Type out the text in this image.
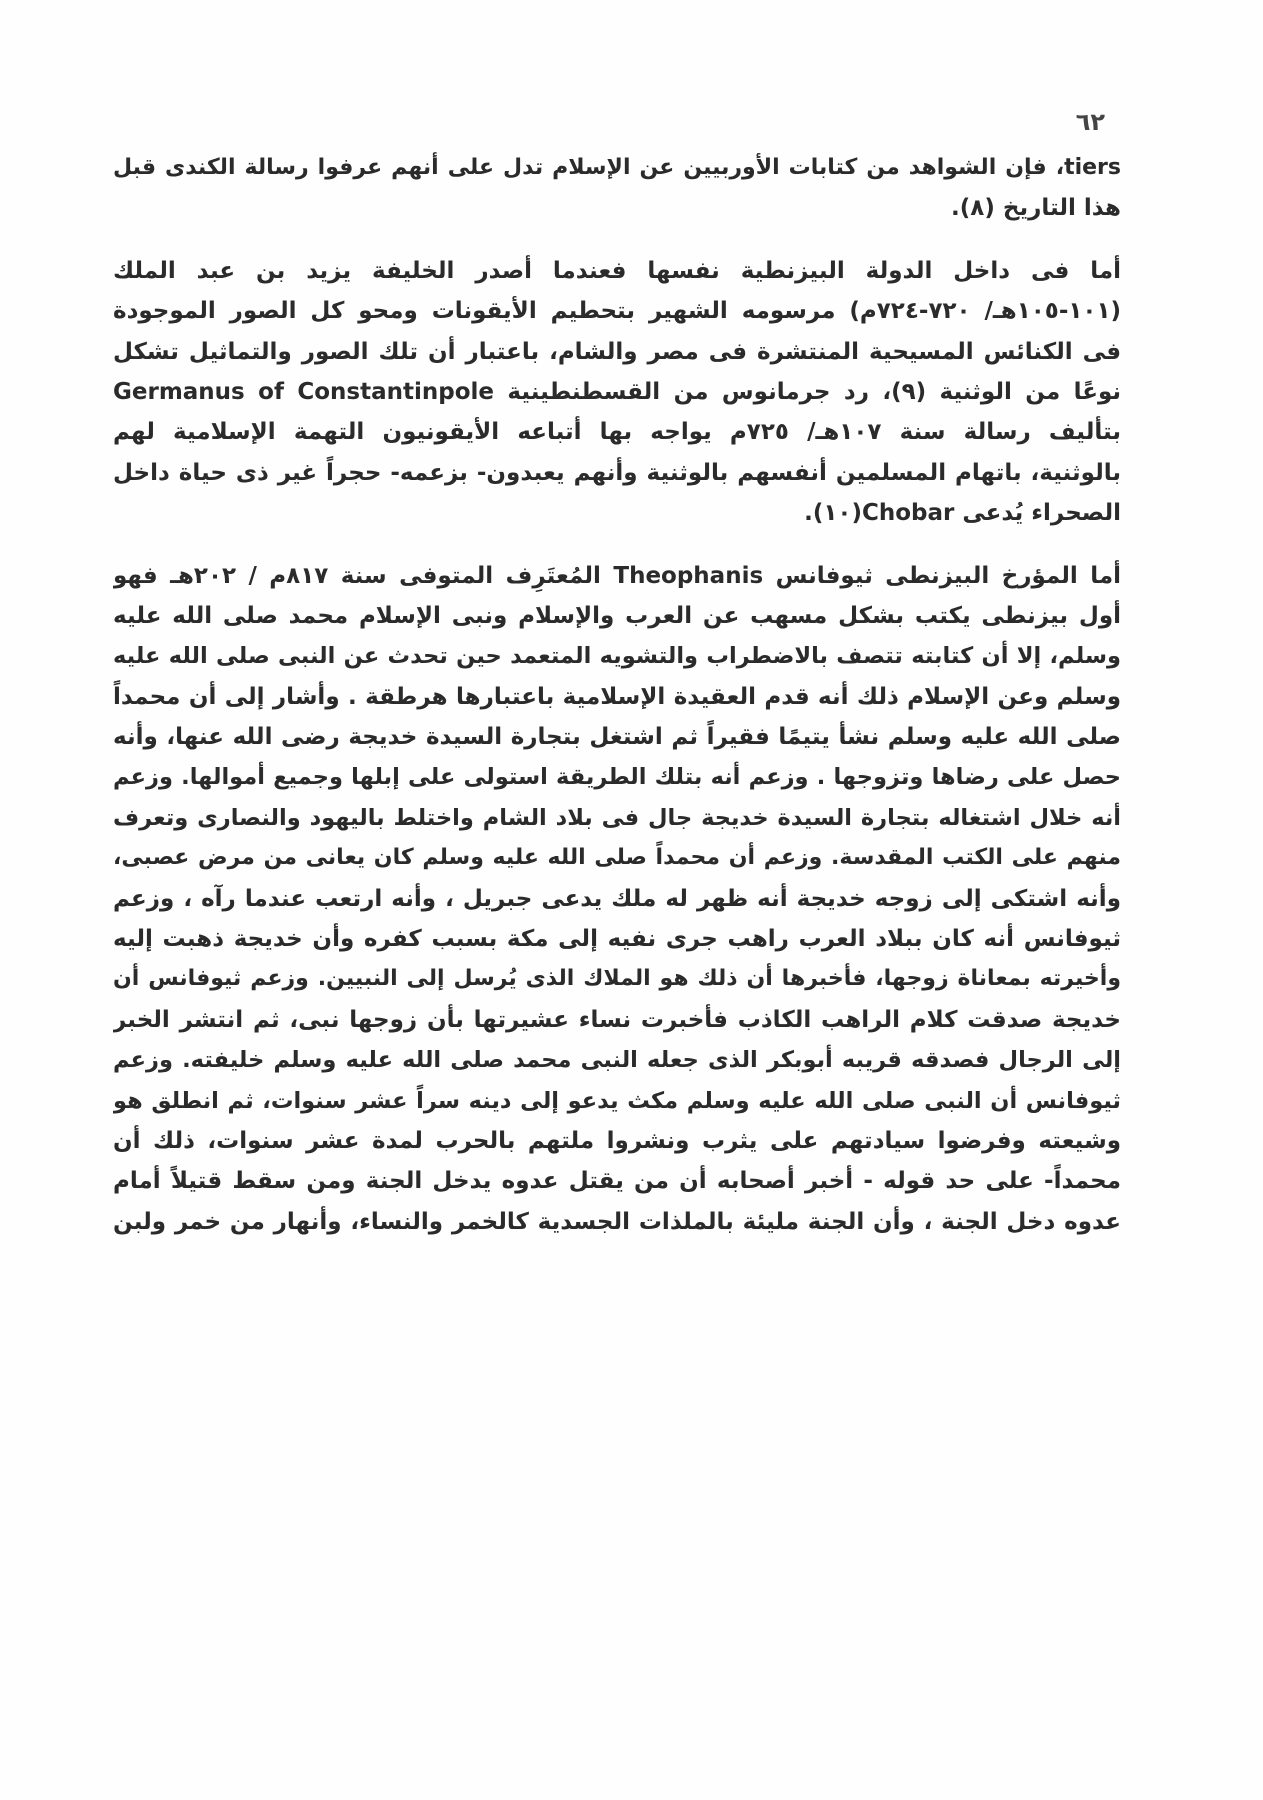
٦٢
tiers، فإن الشواهد من كتابات الأوربيين عن الإسلام تدل على أنهم عرفوا رسالة الكندى قبل
هذا التاريخ (٨).
أما فى داخل الدولة البيزنطية نفسها فعندما أصدر الخليفة يزيد بن عبد الملك
(١٠١-١٠٥هـ/ ٧٢٠-٧٢٤م) مرسومه الشهير بتحطيم الأيقونات ومحو كل الصور الموجودة
فى الكنائس المسيحية المنتشرة فى مصر والشام، باعتبار أن تلك الصور والتماثيل تشكل
نوعًا من الوثنية (٩)، رد جرمانوس من القسطنطينية Germanus of Constantinpole
بتأليف رسالة سنة ١٠٧هـ/ ٧٢٥م يواجه بها أتباعه الأيقونيون التهمة الإسلامية لهم
بالوثنية، باتهام المسلمين أنفسهم بالوثنية وأنهم يعبدون- بزعمه- حجراً غير ذى حياة داخل
الصحراء يُدعى Chobar(١٠).
أما المؤرخ البيزنطى ثيوفانس Theophanis المُعتَرِف المتوفى سنة ٨١٧م / ٢٠٢هـ فهو
أول بيزنطى يكتب بشكل مسهب عن العرب والإسلام ونبى الإسلام محمد صلى الله عليه
وسلم، إلا أن كتابته تتصف بالاضطراب والتشويه المتعمد حين تحدث عن النبى صلى الله عليه
وسلم وعن الإسلام ذلك أنه قدم العقيدة الإسلامية باعتبارها هرطقة . وأشار إلى أن محمداً
صلى الله عليه وسلم نشأ يتيمًا فقيراً ثم اشتغل بتجارة السيدة خديجة رضى الله عنها، وأنه
حصل على رضاها وتزوجها . وزعم أنه بتلك الطريقة استولى على إبلها وجميع أموالها. وزعم
أنه خلال اشتغاله بتجارة السيدة خديجة جال فى بلاد الشام واختلط باليهود والنصارى وتعرف
منهم على الكتب المقدسة. وزعم أن محمداً صلى الله عليه وسلم كان يعانى من مرض عصبى،
وأنه اشتكى إلى زوجه خديجة أنه ظهر له ملك يدعى جبريل ، وأنه ارتعب عندما رآه ، وزعم
ثيوفانس أنه كان ببلاد العرب راهب جرى نفيه إلى مكة بسبب كفره وأن خديجة ذهبت إليه
وأخيرته بمعاناة زوجها، فأخبرها أن ذلك هو الملاك الذى يُرسل إلى النبيين. وزعم ثيوفانس أن
خديجة صدقت كلام الراهب الكاذب فأخبرت نساء عشيرتها بأن زوجها نبى، ثم انتشر الخبر
إلى الرجال فصدقه قريبه أبوبكر الذى جعله النبى محمد صلى الله عليه وسلم خليفته. وزعم
ثيوفانس أن النبى صلى الله عليه وسلم مكث يدعو إلى دينه سراً عشر سنوات، ثم انطلق هو
وشيعته وفرضوا سيادتهم على يثرب ونشروا ملتهم بالحرب لمدة عشر سنوات، ذلك أن
محمداً- على حد قوله - أخبر أصحابه أن من يقتل عدوه يدخل الجنة ومن سقط قتيلاً أمام
عدوه دخل الجنة ، وأن الجنة مليئة بالملذات الجسدية كالخمر والنساء، وأنهار من خمر ولبن
